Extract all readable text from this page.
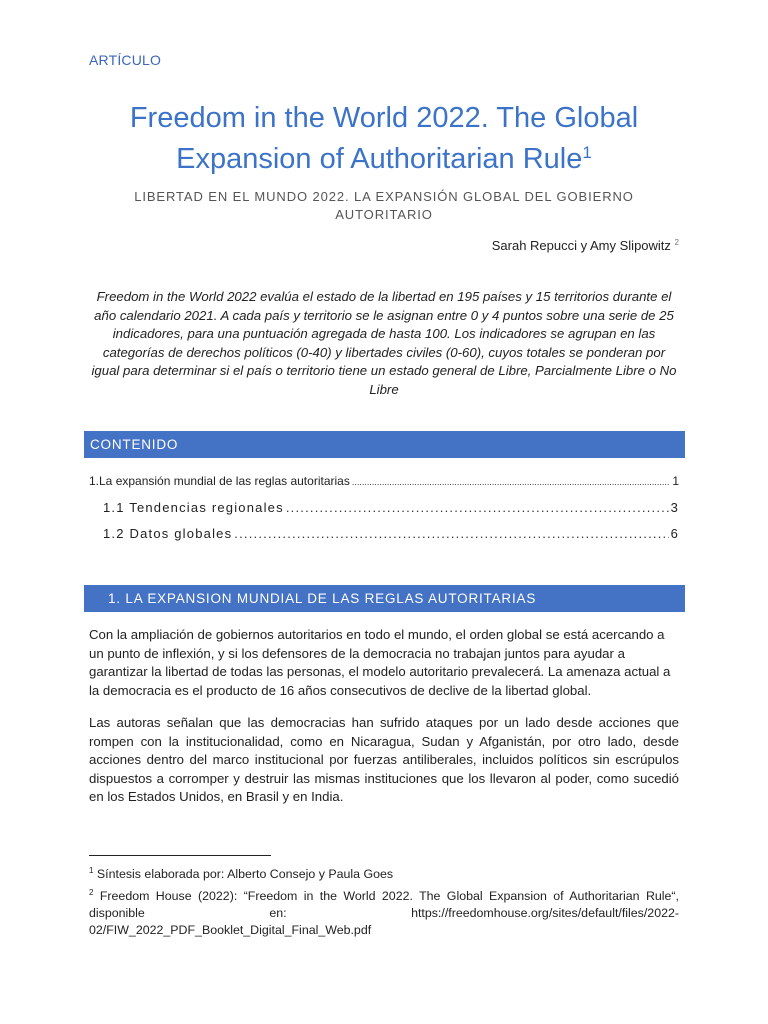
ARTÍCULO
Freedom in the World 2022. The Global Expansion of Authoritarian Rule$^1$
LIBERTAD EN EL MUNDO 2022. LA EXPANSIÓN GLOBAL DEL GOBIERNO AUTORITARIO
Sarah Repucci y Amy Slipowitz $^2$
Freedom in the World 2022 evalúa el estado de la libertad en 195 países y 15 territorios durante el año calendario 2021. A cada país y territorio se le asignan entre 0 y 4 puntos sobre una serie de 25 indicadores, para una puntuación agregada de hasta 100. Los indicadores se agrupan en las categorías de derechos políticos (0-40) y libertades civiles (0-60), cuyos totales se ponderan por igual para determinar si el país o territorio tiene un estado general de Libre, Parcialmente Libre o No Libre
CONTENIDO
1.La expansión mundial de las reglas autoritarias .....	1
1.1 Tendencias regionales .....	3
1.2 Datos globales .....	6
1. LA EXPANSION MUNDIAL DE LAS REGLAS AUTORITARIAS

Con la ampliación de gobiernos autoritarios en todo el mundo, el orden global se está acercando a un punto de inflexión, y si los defensores de la democracia no trabajan juntos para ayudar a garantizar la libertad de todas las personas, el modelo autoritario prevalecerá. La amenaza actual a la democracia es el producto de 16 años consecutivos de declive de la libertad global.

Las autoras señalan que las democracias han sufrido ataques por un lado desde acciones que rompen con la institucionalidad, como en Nicaragua, Sudan y Afganistán, por otro lado, desde acciones dentro del marco institucional por fuerzas antiliberales, incluidos políticos sin escrúpulos dispuestos a corromper y destruir las mismas instituciones que los llevaron al poder, como sucedió en los Estados Unidos, en Brasil y en India.

$^1$ Síntesis elaborada por: Alberto Consejo y Paula Goes

$^2$ Freedom House (2022): “Freedom in the World 2022. The Global Expansion of Authoritarian Rule“, disponible en: https://freedomhouse.org/sites/default/files/2022-02/FIW_2022_PDF_Booklet_Digital_Final_Web.pdf
